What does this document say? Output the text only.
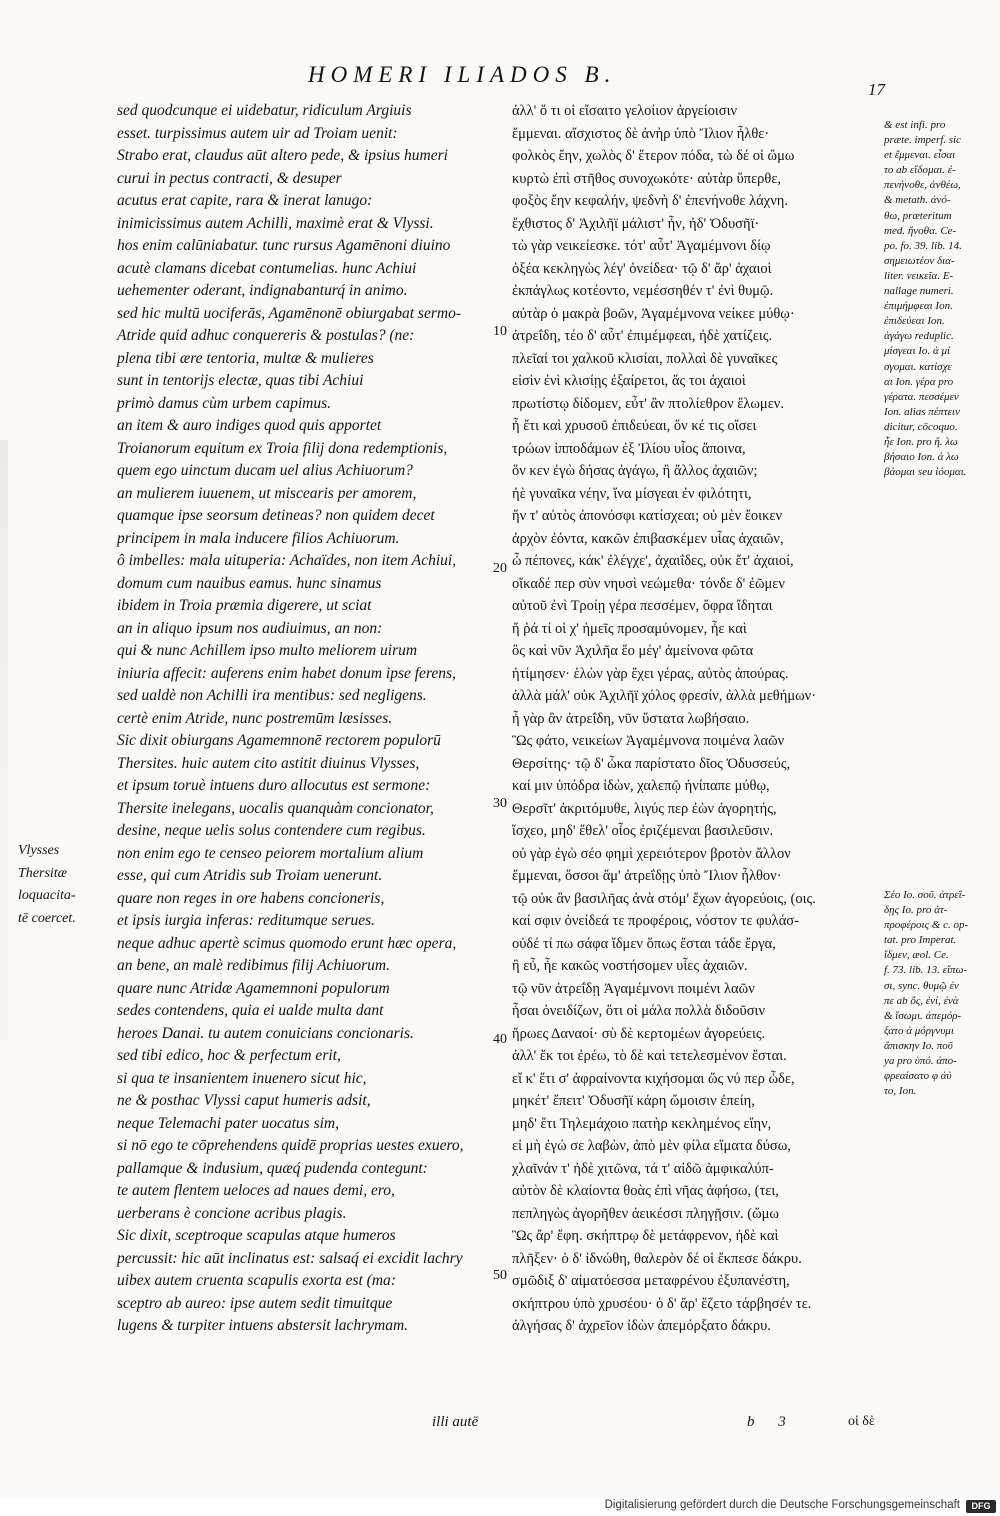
HOMERI ILIADOS B.
17
sed quodcunque ei uidebatur, ridiculum Argiuis
esset. turpissimus autem uir ad Troiam uenit:
Strabo erat, claudus aūt altero pede, & ipsius humeri
curui in pectus contracti, & desuper
acutus erat capite, rara & inerat lanugo:
inimicissimus autem Achilli, maximè erat & Vlyssi.
hos enim calūniabatur. tunc rursus Agamēnoni diuino
acutè clamans dicebat contumelias. hunc Achiui
uehementer oderant, indignabanturq́ in animo.
sed hic multū uociferās, Agamēnonē obiurgabat sermo-
Atride quid adhuc conquereris & postulas? (ne:
plena tibi ære tentoria, multæ & mulieres
sunt in tentorijs electæ, quas tibi Achiui
primò damus cùm urbem capimus.
an item & auro indiges quod quis apportet
Troianorum equitum ex Troia filij dona redemptionis,
quem ego uinctum ducam uel alius Achiuorum?
an mulierem iuuenem, ut miscearis per amorem,
quamque ipse seorsum detineas? non quidem decet
principem in mala inducere filios Achiuorum.
ô imbelles: mala uituperia: Achaïdes, non item Achiui,
domum cum nauibus eamus. hunc sinamus
ibidem in Troia præmia digerere, ut sciat
an in aliquo ipsum nos audiuimus, an non:
qui & nunc Achillem ipso multo meliorem uirum
iniuria affecit: auferens enim habet donum ipse ferens,
sed ualdè non Achilli ira mentibus: sed negligens.
certè enim Atride, nunc postremūm læsisses.
Sic dixit obiurgans Agamemnonē rectorem populorū
Thersites. huic autem cito astitit diuinus Vlysses,
et ipsum toruè intuens duro allocutus est sermone:
Thersite inelegans, uocalis quanquàm concionator,
desine, neque uelis solus contendere cum regibus.
non enim ego te censeo peiorem mortalium alium
esse, qui cum Atridis sub Troiam uenerunt.
quare non reges in ore habens concioneris,
et ipsis iurgia inferas: reditumque serues.
neque adhuc apertè scimus quomodo erunt hæc opera,
an bene, an malè redibimus filij Achiuorum.
quare nunc Atridæ Agamemnoni populorum
sedes contendens, quia ei ualde multa dant
heroes Danai. tu autem conuicians concionaris.
sed tibi edico, hoc & perfectum erit,
si qua te insanientem inuenero sicut hic,
ne & posthac Vlyssi caput humeris adsit,
neque Telemachi pater uocatus sim,
si nō ego te cōprehendens quidē proprias uestes exuero,
pallamque & indusium, quæq́ pudenda contegunt:
te autem flentem ueloces ad naues demi, ero,
uerberans è concione acribus plagis.
Sic dixit, sceptroque scapulas atque humeros
percussit: hic aūt inclinatus est: salsaq́ ei excidit lachry
uibex autem cruenta scapulis exorta est (ma:
sceptro ab aureo: ipse autem sedit timuitque
lugens & turpiter intuens abstersit lachrymam.
ἀλλ' ὅ τι οἱ εἴσαιτο γελοίιον ἀργείοισιν
ἔμμεναι. αἴσχιστος δὲ ἀνὴρ ὑπὸ Ἴλιον ἦλθε·
φολκὸς ἔην, χωλὸς δ' ἕτερον πόδα, τὼ δέ οἱ ὤμω
κυρτὼ ἐπὶ στῆθος συνοχωκότε· αὐτὰρ ὕπερθε,
φοξὸς ἔην κεφαλήν, ψεδνὴ δ' ἐπενήνοθε λάχνη.
ἔχθιστος δ' Ἀχιλῆϊ μάλιστ' ἦν, ἠδ' Ὀδυσῆϊ·
τὼ γὰρ νεικείεσκε. τότ' αὖτ' Ἀγαμέμνονι δίῳ
ὀξέα κεκληγὼς λέγ' ὀνείδεα· τῷ δ' ἄρ' ἀχαιοὶ
ἐκπάγλως κοτέοντο, νεμέσσηθέν τ' ἐνὶ θυμῷ.
αὐτὰρ ὁ μακρὰ βοῶν, Ἀγαμέμνονα νείκεε μύθῳ·
ἀτρεΐδη, τέο δ' αὖτ' ἐπιμέμφεαι, ἠδὲ χατίζεις.
πλεῖαί τοι χαλκοῦ κλισίαι, πολλαὶ δὲ γυναῖκες
εἰσὶν ἐνὶ κλισίῃς ἐξαίρετοι, ἅς τοι ἀχαιοὶ
πρωτίστῳ δίδομεν, εὖτ' ἂν πτολίεθρον ἕλωμεν.
ἦ ἔτι καὶ χρυσοῦ ἐπιδεύεαι, ὅν κέ τις οἴσει
τρώων ἱπποδάμων ἐξ Ἰλίου υἷος ἄποινα,
ὅν κεν ἐγὼ δήσας ἀγάγω, ἢ ἄλλος ἀχαιῶν;
ἠὲ γυναῖκα νέην, ἵνα μίσγεαι ἐν φιλότητι,
ἥν τ' αὐτὸς ἀπονόσφι κατίσχεαι; οὐ μὲν ἔοικεν
ἀρχὸν ἐόντα, κακῶν ἐπιβασκέμεν υἷας ἀχαιῶν,
ὦ πέπονες, κάκ' ἐλέγχε', ἀχαιΐδες, οὐκ ἔτ' ἀχαιοί,
οἴκαδέ περ σὺν νηυσὶ νεώμεθα· τόνδε δ' ἐῶμεν
αὐτοῦ ἐνὶ Τροίῃ γέρα πεσσέμεν, ὄφρα ἴδηται
ἤ ῥά τί οἱ χ' ἡμεῖς προσαμύνομεν, ἦε καὶ
ὃς καὶ νῦν Ἀχιλῆα ἕο μέγ' ἀμείνονα φῶτα
ἠτίμησεν· ἑλὼν γὰρ ἔχει γέρας, αὐτὸς ἀπούρας.
ἀλλὰ μάλ' οὐκ Ἀχιλῆϊ χόλος φρεσίν, ἀλλὰ μεθήμων·
ἦ γὰρ ἂν ἀτρεΐδη, νῦν ὕστατα λωβήσαιο.
Ὣς φάτο, νεικείων Ἀγαμέμνονα ποιμένα λαῶν
Θερσίτης· τῷ δ' ὦκα παρίστατο δῖος Ὀδυσσεύς,
καί μιν ὑπόδρα ἰδὼν, χαλεπῷ ἠνίπαπε μύθῳ,
Θερσῖτ' ἀκριτόμυθε, λιγύς περ ἐὼν ἀγορητής,
ἴσχεο, μηδ' ἔθελ' οἶος ἐριζέμεναι βασιλεῦσιν.
οὐ γὰρ ἐγὼ σέο φημὶ χερειότερον βροτὸν ἄλλον
ἔμμεναι, ὅσσοι ἅμ' ἀτρεΐδῃς ὑπὸ Ἴλιον ἦλθον·
τῷ οὐκ ἂν βασιλῆας ἀνὰ στόμ' ἔχων ἀγορεύοις, (οις.
καί σφιν ὀνείδεά τε προφέροις, νόστον τε φυλάσ-
οὐδέ τί πω σάφα ἴδμεν ὅπως ἔσται τάδε ἔργα,
ἢ εὖ, ἦε κακῶς νοστήσομεν υἷες ἀχαιῶν.
τῷ νῦν ἀτρεΐδῃ Ἀγαμέμνονι ποιμένι λαῶν
ἧσαι ὀνειδίζων, ὅτι οἱ μάλα πολλὰ διδοῦσιν
ἥρωες Δαναοί· σὺ δὲ κερτομέων ἀγορεύεις.
ἀλλ' ἔκ τοι ἐρέω, τὸ δὲ καὶ τετελεσμένον ἔσται.
εἴ κ' ἔτι σ' ἀφραίνοντα κιχήσομαι ὥς νύ περ ὧδε,
μηκέτ' ἔπειτ' Ὀδυσῆϊ κάρη ὤμοισιν ἐπείη,
μηδ' ἔτι Τηλεμάχοιο πατὴρ κεκλημένος εἴην,
εἰ μὴ ἐγώ σε λαβὼν, ἀπὸ μὲν φίλα εἵματα δύσω,
χλαῖνάν τ' ἠδὲ χιτῶνα, τά τ' αἰδῶ ἀμφικαλύπ-
αὐτὸν δὲ κλαίοντα θοὰς ἐπὶ νῆας ἀφήσω, (τει,
πεπληγὼς ἀγορῆθεν ἀεικέσσι πληγῇσιν. (ὤμω
Ὣς ἄρ' ἔφη. σκήπτρῳ δὲ μετάφρενον, ἠδὲ καὶ
πλῆξεν· ὁ δ' ἰδνώθη, θαλερὸν δέ οἱ ἔκπεσε δάκρυ.
σμῶδιξ δ' αἱματόεσσα μεταφρένου ἐξυπανέστη,
σκήπτρου ὑπὸ χρυσέου· ὁ δ' ἄρ' ἕζετο τάρβησέν τε.
ἀλγήσας δ' ἀχρεῖον ἰδὼν ἀπεμόρξατο δάκρυ.
10
20
30
40
50
Vlysses
Thersitæ
loquacita-
tē coercet.
& est infi. pro
præte. imperf. sic
et ἔμμεναι. εἶσαι
το ab εἴδομαι. ἐ-
πενήνοθε, ἀνθέω,
& metath. ἀνό-
θω, præteritum
med. ἤνοθα. Ce-
po. fo. 39. lib. 14.
σημειωτέον δια-
liter. νεικεῖα. E-
nallage numeri.
ἐπιμήμφεαι Ion.
ἐπιδεύεαι Ion.
ἀγάγω reduplic.
μίσγεαι Io. ἀ μί
σγομαι. κατίσχε
αι Ion. γέρα pro
γέρατα. πεσσέμεν
Ion. alias πέπτειν
dicitur, cōcoquo.
ἦε Ion. pro ἢ. λω
βήσαιο Ion. ἀ λω
βάομαι seu ἰόομαι.
Σέο Io. σοῦ. ἀτρεΐ-
δῃς Io. pro ἀτ-
προφέροις & c. op-
tat. pro Imperat.
ἴδμεν, æol. Ce.
f. 73. lib. 13. εἴπω-
σι, sync. θυμῷ ἐν
πε ab ὄς, ἐνί, ἐνὰ
& ἴσωμι. ἀπεμόρ-
ξατο ἀ μόργνυμι
ἄπισκην Io. ποῦ
ya pro ὑπό. ἀπο-
φρεαίσατο φ ἀὐ
το, Ion.
illi autē	b 3	οἱ δὲ
Digitalisierung gefördert durch die Deutsche Forschungsgemeinschaft	DFG
